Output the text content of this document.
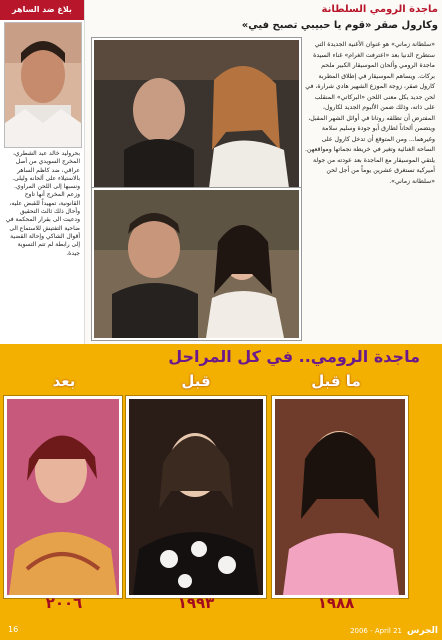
بلاغ ضد الساهر
بحروليد خالد عبد الشطري، المخرج السويدي من أصل عراقي، ضد كاظم الساهر بالاستيلاء على ألحانه وليلى. ونسبها إلى اللحن المراوي. وزعم المخرج أنها تاوح القانونية، تمهيداً للقبض عليه، وأحال ذلك ثالث التحقيق ودعيت الى بقرار المحكمة في ضاحية التفتيش للاستماع الى أقوال الشاكي وإحالة القضية إلى رابطة لم تتم التسوية جيدة.
ماجدة الرومي السلطانة
وكارول صقر «قوم يا حبيبي تصبح فيي»
«سلطانة زماني» هو عنوان الأغنية الجديدة التي ستطرح الدنيا بعد «اعترفت الغرام» غناء السيدة ماجدة الرومي وألحان الموسيقار الكبير ملحم بركات. ويساهم الموسيقار في إطلاق المطربة كارول صقر، زوجة الموزع الشهير هادي شرارة، في لحن جديد يكل معنى اللحن «البركاتي» المنقلب على ذاته، وذلك ضمن الألبوم الجديد لكارول، المفترض أن تطلقه روتانا في أوائل الشهر المقبل، ويتضمن ألحاناً لطارق أبو جودة وسليم سلامة وغيرهما... ومن المتوقع أن تدخل كارول على الساحة الغنائية وتغير في خريطة نجماتها ومواقعهن. يلتقي الموسيقار مع الماجدة بعد عودته من جولة أميركية تستغرق عشرين يوماً من أجل لحن «سلطانة زماني».
ماجدة الرومي.. في كل المراحل
ما قبل
قبل
بعد
١٩٨٨
١٩٩٣
٢٠٠٦
16	2006 - April 21 الجرس
